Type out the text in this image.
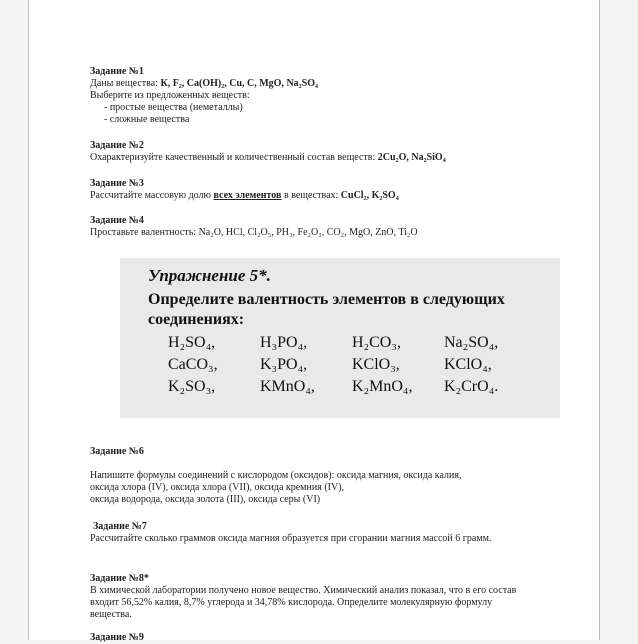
Задание №1
Даны вещества: К, F₂, Ca(OH)₂, Cu, C, MgO, Na₂SO₄
Выберите из предложенных веществ:
- простые вещества (неметаллы)
- сложные вещества
Задание №2
Охарактеризуйте качественный и количественный состав веществ: 2Cu₂O, Na₂SiO₄
Задание №3
Рассчитайте массовую долю всех элементов в веществах: CuCl₂, K₂SO₄
Задание №4
Проставьте валентность: Na₂O, HCl, Cl₂O₅, PH₃, Fe₂O₃, CO₂, MgO, ZnO, Ti₂O
Упражнение 5*.
Определите валентность элементов в следующих соединениях:
H₂SO₄,	H₃PO₄,	H₂CO₃,	Na₂SO₄,
CaCO₃,	K₃PO₄,	KClO₃,	KClO₄,
K₂SO₃,	KMnO₄,	K₂MnO₄,	K₂CrO₄.
Задание №6
Напишите формулы соединений с кислородом (оксидов): оксида магния, оксида калия,
оксида хлора (IV), оксида хлора (VII), оксида кремния (IV),
оксида водорода, оксида золота (III), оксида серы (VI)
Задание №7
Рассчитайте сколько граммов оксида магния образуется при сгорании магния массой 6 грамм.
Задание №8*
В химической лаборатории получено новое вещество. Химический анализ показал, что в его состав входит 56,52% калия, 8,7% углерода и 34,78% кислорода. Определите молекулярную формулу вещества.
Задание №9
